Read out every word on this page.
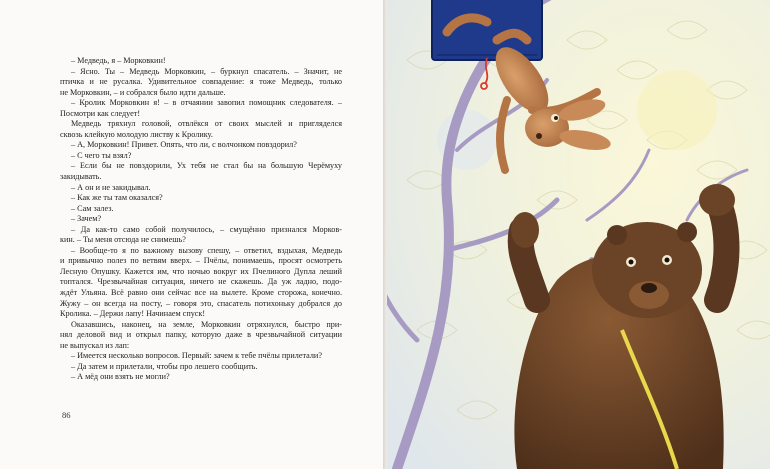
– Медведь, я – Морковкин!
– Ясно. Ты – Медведь Морковкин, – буркнул спасатель. – Значит, не
птичка и не русалка. Удивительное совпадение: я тоже Медведь, только
не Морковкин, – и собрался было идти дальше.
– Кролик Морковкин я! – в отчаянии завопил помощник следователя. –
Посмотри как следует!
Медведь тряхнул головой, отвлёкся от своих мыслей и пригляделся
сквозь клейкую молодую листву к Кролику.
– А, Морковкин! Привет. Опять, что ли, с волчонком повздорил?
– С чего ты взял?
– Если бы не повздорили, Ух тебя не стал бы на большую Черёмуху
закидывать.
– А он и не закидывал.
– Как же ты там оказался?
– Сам залез.
– Зачем?
– Да как-то само собой получилось, – смущённо признался Морков-
кин. – Ты меня отсюда не снимешь?
– Вообще-то я по важному вызову спешу, – ответил, вздыхая, Медведь
и привычно полез по ветвям вверх. – Пчёлы, понимаешь, просят осмотреть
Лесную Опушку. Кажется им, что ночью вокруг их Пчелиного Дупла леший
топтался. Чрезвычайная ситуация, ничего не скажешь. Да уж ладно, подо-
ждёт Ульяна. Всё равно они сейчас все на вылете. Кроме сторожа, конечно.
Жужу – он всегда на посту, – говоря это, спасатель потихоньку добрался до
Кролика. – Держи лапу! Начинаем спуск!
Оказавшись, наконец, на земле, Морковкин отряхнулся, быстро при-
нял деловой вид и открыл папку, которую даже в чрезвычайной ситуации
не выпускал из лап:
– Имеется несколько вопросов. Первый: зачем к тебе пчёлы прилетали?
– Да затем и прилетали, чтобы про лешего сообщить.
– А мёд они взять не могли?
86
